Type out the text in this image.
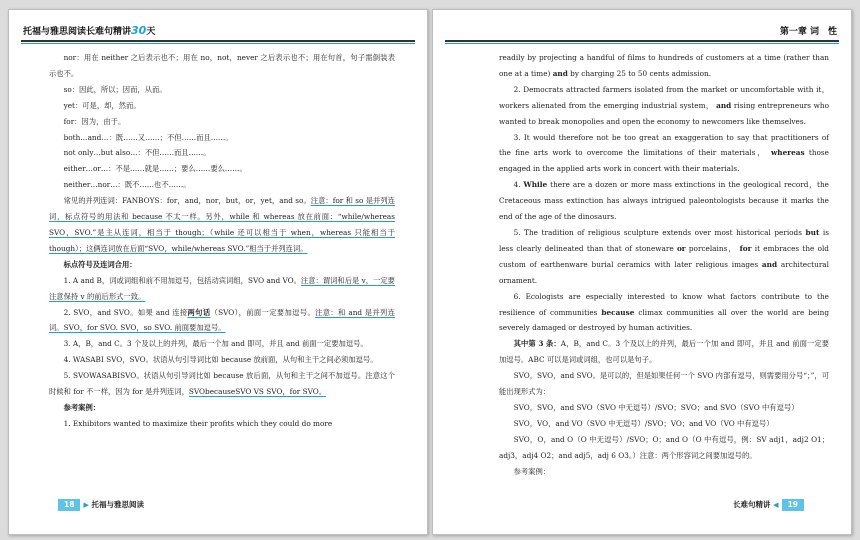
托福与雅思阅读长难句精讲30天

nor：用在 neither 之后表示也不；用在 no，not，never 之后表示也不；用在句首，句子需倒装表示也不。

so：因此，所以；因而，从而。

yet：可是，却，然而。

for：因为，由于。

both…and…：既……又……；不但……而且……。

not only…but also…：不但……而且……。

either…or…：不是……就是……；要么……要么……。

neither…nor…：既不……也不……。

常见的并列连词：FANBOYS：for，and，nor，but，or，yet，and so。注意：for 和 so 是并列连词，标点符号的用法和 because 不太一样。另外，while 和 whereas 放在前面：“while/whereas SVO，SVO.”是主从连词，相当于 though；（while 还可以相当于 when，whereas 只能相当于 though）；这俩连词放在后面“SVO，while/whereas SVO.”相当于并列连词。

标点符号及连词合用：

1. A and B，词或词组和前不用加逗号，包括动宾词组，SVO and VO。注意：谓词和后是 v，一定要注意保持 v 的前后形式一致。

2. SVO，and SVO。如果 and 连接两句话（SVO），前面一定要加逗号。注意：和 and 是并列连词。SVO，for SVO. SVO，so SVO. 前面要加逗号。

3. A，B，and C。3 个及以上的并列，最后一个加 and 即可，并且 and 前面一定要加逗号。

4. WASABI SVO，SVO。状语从句引导词比如 because 放前面，从句和主干之间必须加逗号。

5. SVOWASABISVO。状语从句引导词比如 because 放后面，从句和主干之间不加逗号。注意这个时候和 for 不一样，因为 for 是并列连词，SVObecauseSVO VS SVO，for SVO。

参考案例：

1. Exhibitors wanted to maximize their profits which they could do more

18 ▶ 托福与雅思阅读
第一章 词　性

readily by projecting a handful of films to hundreds of customers at a time (rather than one at a time) and by charging 25 to 50 cents admission.

2. Democrats attracted farmers isolated from the market or uncomfortable with it，workers alienated from the emerging industrial system， and rising entrepreneurs who wanted to break monopolies and open the economy to newcomers like themselves.

3. It would therefore not be too great an exaggeration to say that practitioners of the fine arts work to overcome the limitations of their materials， whereas those engaged in the applied arts work in concert with their materials.

4. While there are a dozen or more mass extinctions in the geological record，the Cretaceous mass extinction has always intrigued paleontologists because it marks the end of the age of the dinosaurs.

5. The tradition of religious sculpture extends over most historical periods but is less clearly delineated than that of stoneware or porcelains， for it embraces the old custom of earthenware burial ceramics with later religious images and architectural ornament.

6. Ecologists are especially interested to know what factors contribute to the resilience of communities because climax communities all over the world are being severely damaged or destroyed by human activities.

其中第 3 条：A，B，and C。3 个及以上的并列，最后一个加 and 即可，并且 and 前面一定要加逗号。ABC 可以是词或词组，也可以是句子。

SVO，SVO，and SVO。是可以的，但是如果任何一个 SVO 内部有逗号，则需要用分号“；”，可能出现形式为：

SVO，SVO，and SVO（SVO 中无逗号）/SVO；SVO；and SVO（SVO 中有逗号）

SVO，VO，and VO（SVO 中无逗号）/SVO；VO；and VO（VO 中有逗号）

SVO，O，and O（O 中无逗号）/SVO；O；and O（O 中有逗号，例：SV adj1，adj2 O1；adj3，adj4 O2；and adj5，adj 6 O3。）注意：两个形容词之间要加逗号的。

参考案例：

长难句精讲 ◀ 19
